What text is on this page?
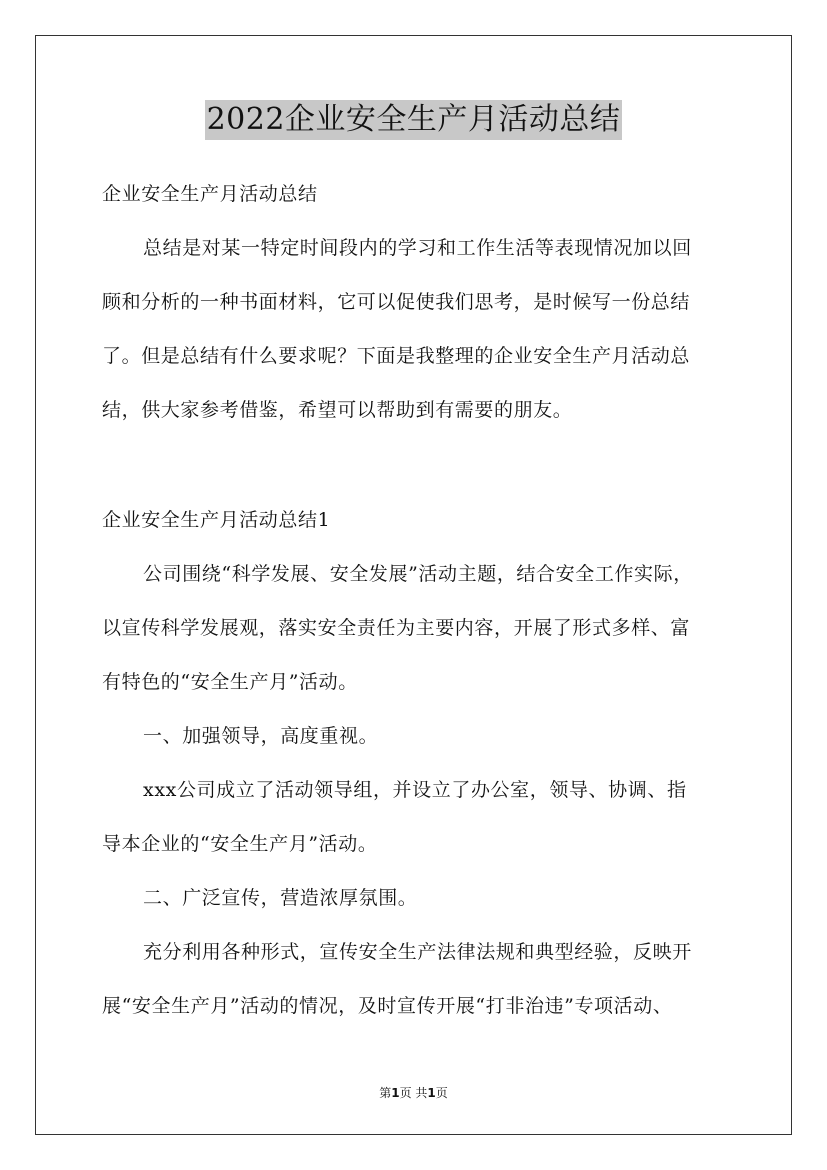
2022企业安全生产月活动总结
企业安全生产月活动总结
总结是对某一特定时间段内的学习和工作生活等表现情况加以回
顾和分析的一种书面材料，它可以促使我们思考，是时候写一份总结
了。但是总结有什么要求呢？下面是我整理的企业安全生产月活动总
结，供大家参考借鉴，希望可以帮助到有需要的朋友。
企业安全生产月活动总结1
公司围绕“科学发展、安全发展”活动主题，结合安全工作实际，
以宣传科学发展观，落实安全责任为主要内容，开展了形式多样、富
有特色的“安全生产月”活动。
一、加强领导，高度重视。
xxx公司成立了活动领导组，并设立了办公室，领导、协调、指
导本企业的“安全生产月”活动。
二、广泛宣传，营造浓厚氛围。
充分利用各种形式，宣传安全生产法律法规和典型经验，反映开
展“安全生产月”活动的情况，及时宣传开展“打非治违”专项活动、
第1页 共1页
